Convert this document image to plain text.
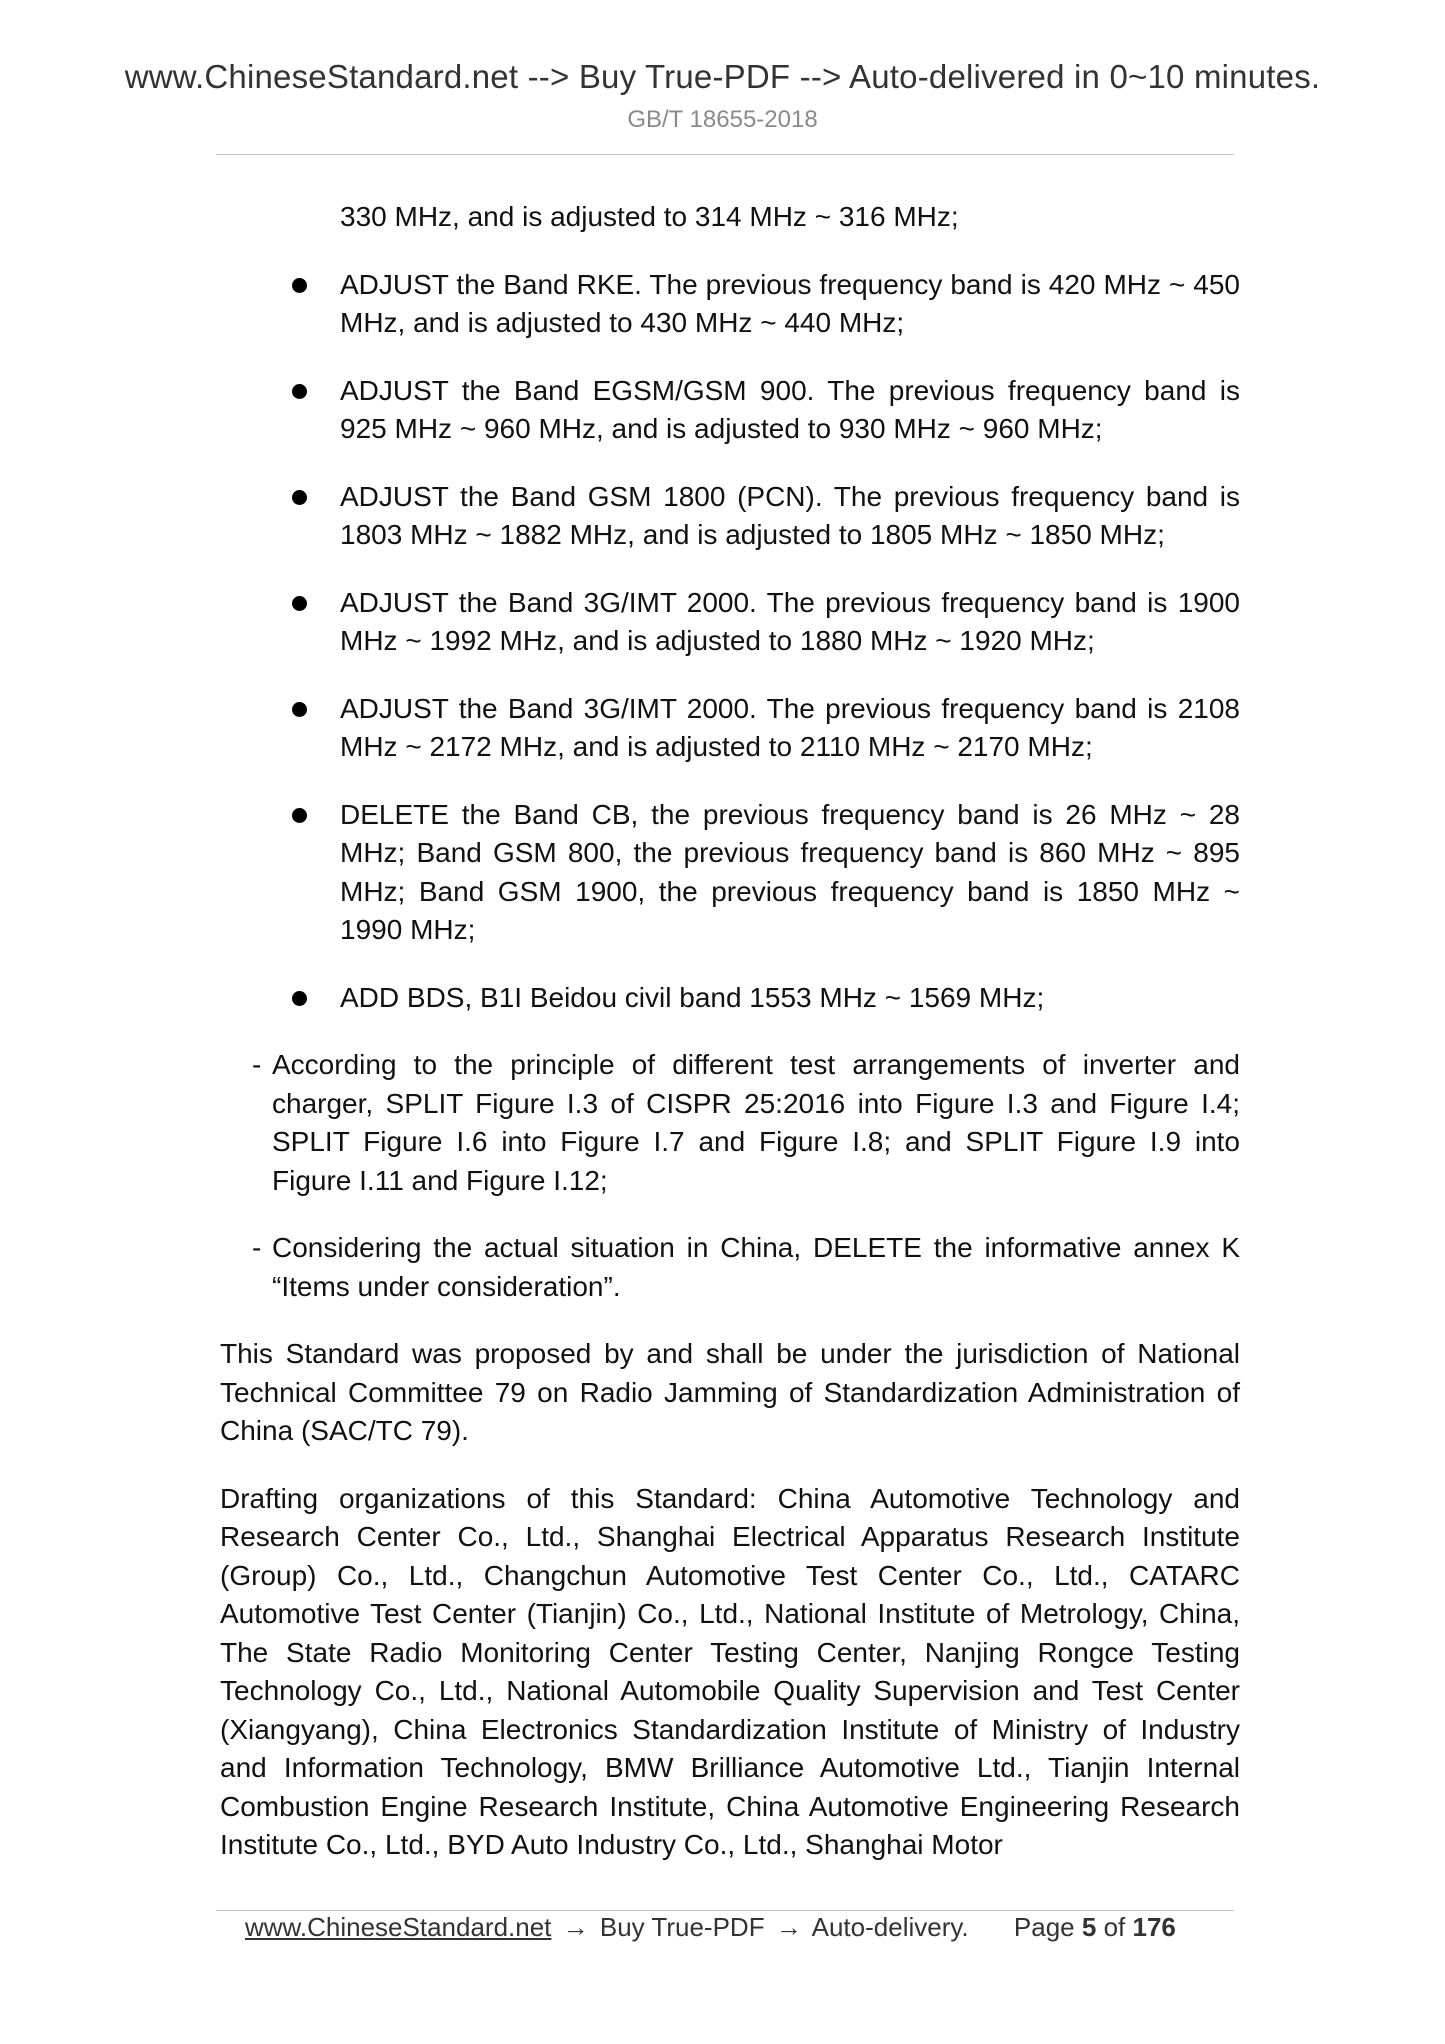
www.ChineseStandard.net --> Buy True-PDF --> Auto-delivered in 0~10 minutes.
GB/T 18655-2018
330 MHz, and is adjusted to 314 MHz ~ 316 MHz;
ADJUST the Band RKE. The previous frequency band is 420 MHz ~ 450 MHz, and is adjusted to 430 MHz ~ 440 MHz;
ADJUST the Band EGSM/GSM 900. The previous frequency band is 925 MHz ~ 960 MHz, and is adjusted to 930 MHz ~ 960 MHz;
ADJUST the Band GSM 1800 (PCN). The previous frequency band is 1803 MHz ~ 1882 MHz, and is adjusted to 1805 MHz ~ 1850 MHz;
ADJUST the Band 3G/IMT 2000. The previous frequency band is 1900 MHz ~ 1992 MHz, and is adjusted to 1880 MHz ~ 1920 MHz;
ADJUST the Band 3G/IMT 2000. The previous frequency band is 2108 MHz ~ 2172 MHz, and is adjusted to 2110 MHz ~ 2170 MHz;
DELETE the Band CB, the previous frequency band is 26 MHz ~ 28 MHz; Band GSM 800, the previous frequency band is 860 MHz ~ 895 MHz; Band GSM 1900, the previous frequency band is 1850 MHz ~ 1990 MHz;
ADD BDS, B1I Beidou civil band 1553 MHz ~ 1569 MHz;
- According to the principle of different test arrangements of inverter and charger, SPLIT Figure I.3 of CISPR 25:2016 into Figure I.3 and Figure I.4; SPLIT Figure I.6 into Figure I.7 and Figure I.8; and SPLIT Figure I.9 into Figure I.11 and Figure I.12;
- Considering the actual situation in China, DELETE the informative annex K “Items under consideration”.

This Standard was proposed by and shall be under the jurisdiction of National Technical Committee 79 on Radio Jamming of Standardization Administration of China (SAC/TC 79).

Drafting organizations of this Standard: China Automotive Technology and Research Center Co., Ltd., Shanghai Electrical Apparatus Research Institute (Group) Co., Ltd., Changchun Automotive Test Center Co., Ltd., CATARC Automotive Test Center (Tianjin) Co., Ltd., National Institute of Metrology, China, The State Radio Monitoring Center Testing Center, Nanjing Rongce Testing Technology Co., Ltd., National Automobile Quality Supervision and Test Center (Xiangyang), China Electronics Standardization Institute of Ministry of Industry and Information Technology, BMW Brilliance Automotive Ltd., Tianjin Internal Combustion Engine Research Institute, China Automotive Engineering Research Institute Co., Ltd., BYD Auto Industry Co., Ltd., Shanghai Motor

www.ChineseStandard.net → Buy True-PDF → Auto-delivery. Page 5 of 176
